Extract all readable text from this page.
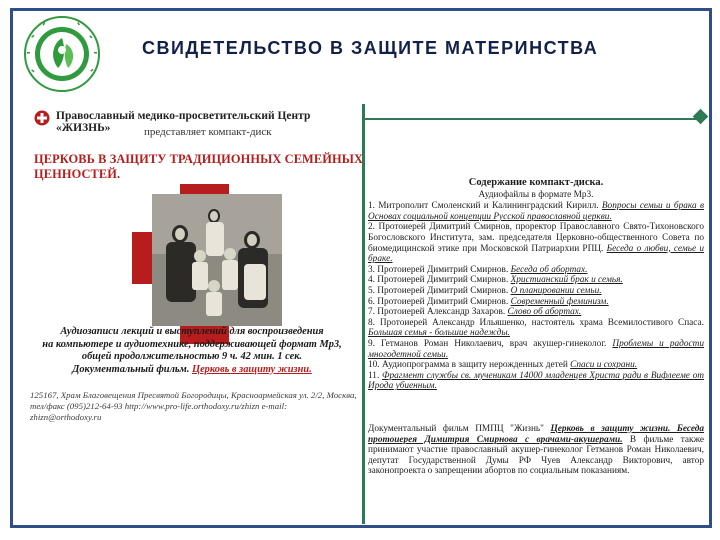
СВИДЕТЕЛЬСТВО В ЗАЩИТЕ МАТЕРИНСТВА
Православный медико-просветительский Центр «ЖИЗНЬ»	представляет компакт-диск
ЦЕРКОВЬ В ЗАЩИТУ ТРАДИЦИОННЫХ СЕМЕЙНЫХ ЦЕННОСТЕЙ.
Аудиозаписи лекций и выступлений для воспроизведения
на компьютере и аудиотехнике, поддерживающей формат Mp3,
общей продолжительностью 9 ч. 42 мин. 1 сек.
Документальный фильм. Церковь в защиту жизни.
125167, Храм Благовещения Пресвятой Богородицы, Красноармейская ул. 2/2, Москва,
тел/факс (095)212-64-93 http://www.pro-life.orthodoxy.ru/zhizn e-mail: zhizn@orthodoxy.ru
Содержание компакт-диска.
Аудиофайлы в формате Mp3.
1. Митрополит Смоленский и Калининградский Кирилл. Вопросы семьи и брака в Основах социальной концепции Русской православной церкви.
2. Протоиерей Димитрий Смирнов, проректор Православного Свято-Тихоновского Богословского Института, зам. председателя Церковно-общественного Совета по биомедицинской этике при Московской Патриархии РПЦ. Беседа о любви, семье и браке.
3. Протоиерей Димитрий Смирнов. Беседа об абортах.
4. Протоиерей Димитрий Смирнов. Христианский брак и семья.
5. Протоиерей Димитрий Смирнов. О планировании семьи.
6. Протоиерей Димитрий Смирнов. Современный феминизм.
7. Протоиерей Александр Захаров. Слово об абортах.
8. Протоиерей Александр Ильяшенко, настоятель храма Всемилостивого Спаса. Большая семья - большие надежды.
9. Гетманов Роман Николаевич, врач акушер-гинеколог. Проблемы и радости многодетной семьи.
10. Аудиопрограмма в защиту нерожденных детей Спаси и сохрани.
11. Фрагмент службы св. мученикам 14000 младенцев Христа ради в Вифлееме от Ирода убиенным.
Документальный фильм ПМПЦ "Жизнь" Церковь в защиту жизни. Беседа протоиерея Димитрия Смирнова с врачами-акушерами. В фильме также принимают участие православный акушер-гинеколог Гетманов Роман Николаевич, депутат Государственной Думы РФ Чуев Александр Викторович, автор законопроекта о запрещении абортов по социальным показаниям.
